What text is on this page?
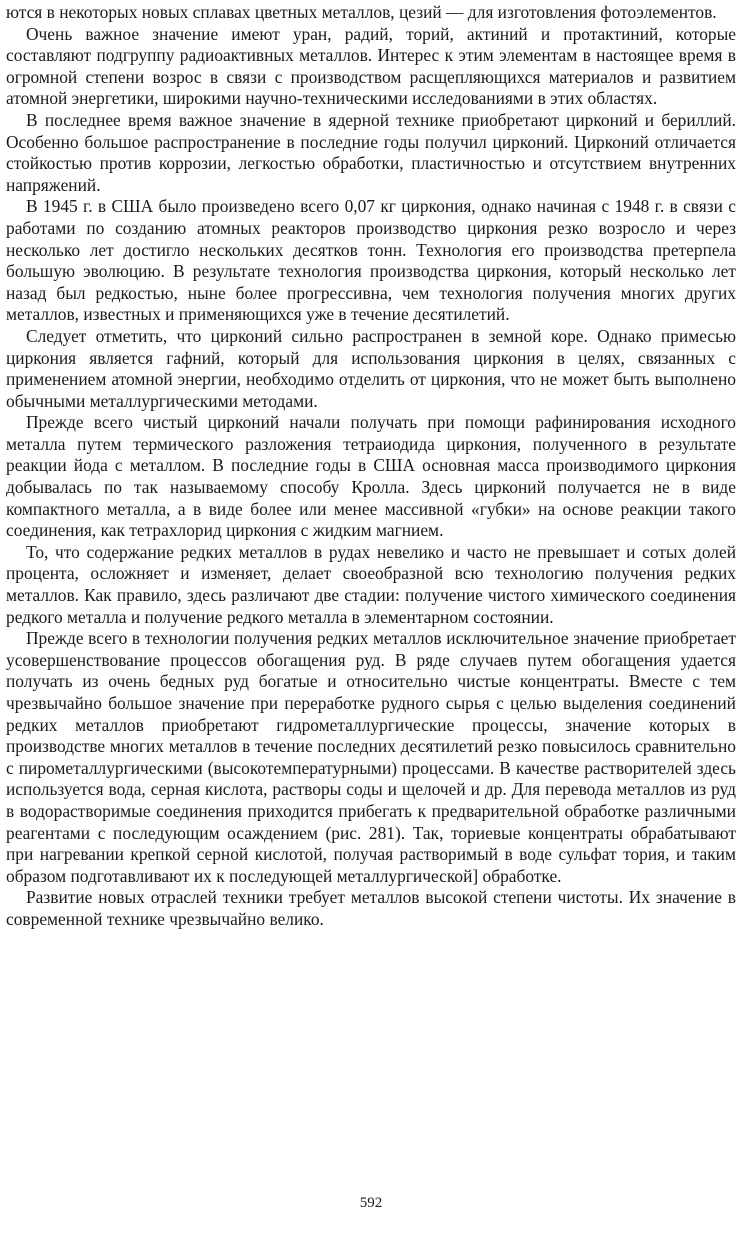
ются в некоторых новых сплавах цветных металлов, цезий — для изготовления фотоэлементов.

Очень важное значение имеют уран, радий, торий, актиний и протактиний, которые составляют подгруппу радиоактивных металлов. Интерес к этим элементам в настоящее время в огромной степени возрос в связи с производством расщепляющихся материалов и развитием атомной энергетики, широкими научно-техническими исследованиями в этих областях.

В последнее время важное значение в ядерной технике приобретают цирконий и бериллий. Особенно большое распространение в последние годы получил цирконий. Цирконий отличается стойкостью против коррозии, легкостью обработки, пластичностью и отсутствием внутренних напряжений.

В 1945 г. в США было произведено всего 0,07 кг циркония, однако начиная с 1948 г. в связи с работами по созданию атомных реакторов производство циркония резко возросло и через несколько лет достигло нескольких десятков тонн. Технология его производства претерпела большую эволюцию. В результате технология производства циркония, который несколько лет назад был редкостью, ныне более прогрессивна, чем технология получения многих других металлов, известных и применяющихся уже в течение десятилетий.

Следует отметить, что цирконий сильно распространен в земной коре. Однако примесью циркония является гафний, который для использования циркония в целях, связанных с применением атомной энергии, необходимо отделить от циркония, что не может быть выполнено обычными металлургическими методами.

Прежде всего чистый цирконий начали получать при помощи рафинирования исходного металла путем термического разложения тетраиодида циркония, полученного в результате реакции йода с металлом. В последние годы в США основная масса производимого циркония добывалась по так называемому способу Кролла. Здесь цирконий получается не в виде компактного металла, а в виде более или менее массивной «губки» на основе реакции такого соединения, как тетрахлорид циркония с жидким магнием.

То, что содержание редких металлов в рудах невелико и часто не превышает и сотых долей процента, осложняет и изменяет, делает своеобразной всю технологию получения редких металлов. Как правило, здесь различают две стадии: получение чистого химического соединения редкого металла и получение редкого металла в элементарном состоянии.

Прежде всего в технологии получения редких металлов исключительное значение приобретает усовершенствование процессов обогащения руд. В ряде случаев путем обогащения удается получать из очень бедных руд богатые и относительно чистые концентраты. Вместе с тем чрезвычайно большое значение при переработке рудного сырья с целью выделения соединений редких металлов приобретают гидрометаллургические процессы, значение которых в производстве многих металлов в течение последних десятилетий резко повысилось сравнительно с пирометаллургическими (высокотемпературными) процессами. В качестве растворителей здесь используется вода, серная кислота, растворы соды и щелочей и др. Для перевода металлов из руд в водорастворимые соединения приходится прибегать к предварительной обработке различными реагентами с последующим осаждением (рис. 281). Так, ториевые концентраты обрабатывают при нагревании крепкой серной кислотой, получая растворимый в воде сульфат тория, и таким образом подготавливают их к последующей металлургической] обработке.

Развитие новых отраслей техники требует металлов высокой степени чистоты. Их значение в современной технике чрезвычайно велико.

592
